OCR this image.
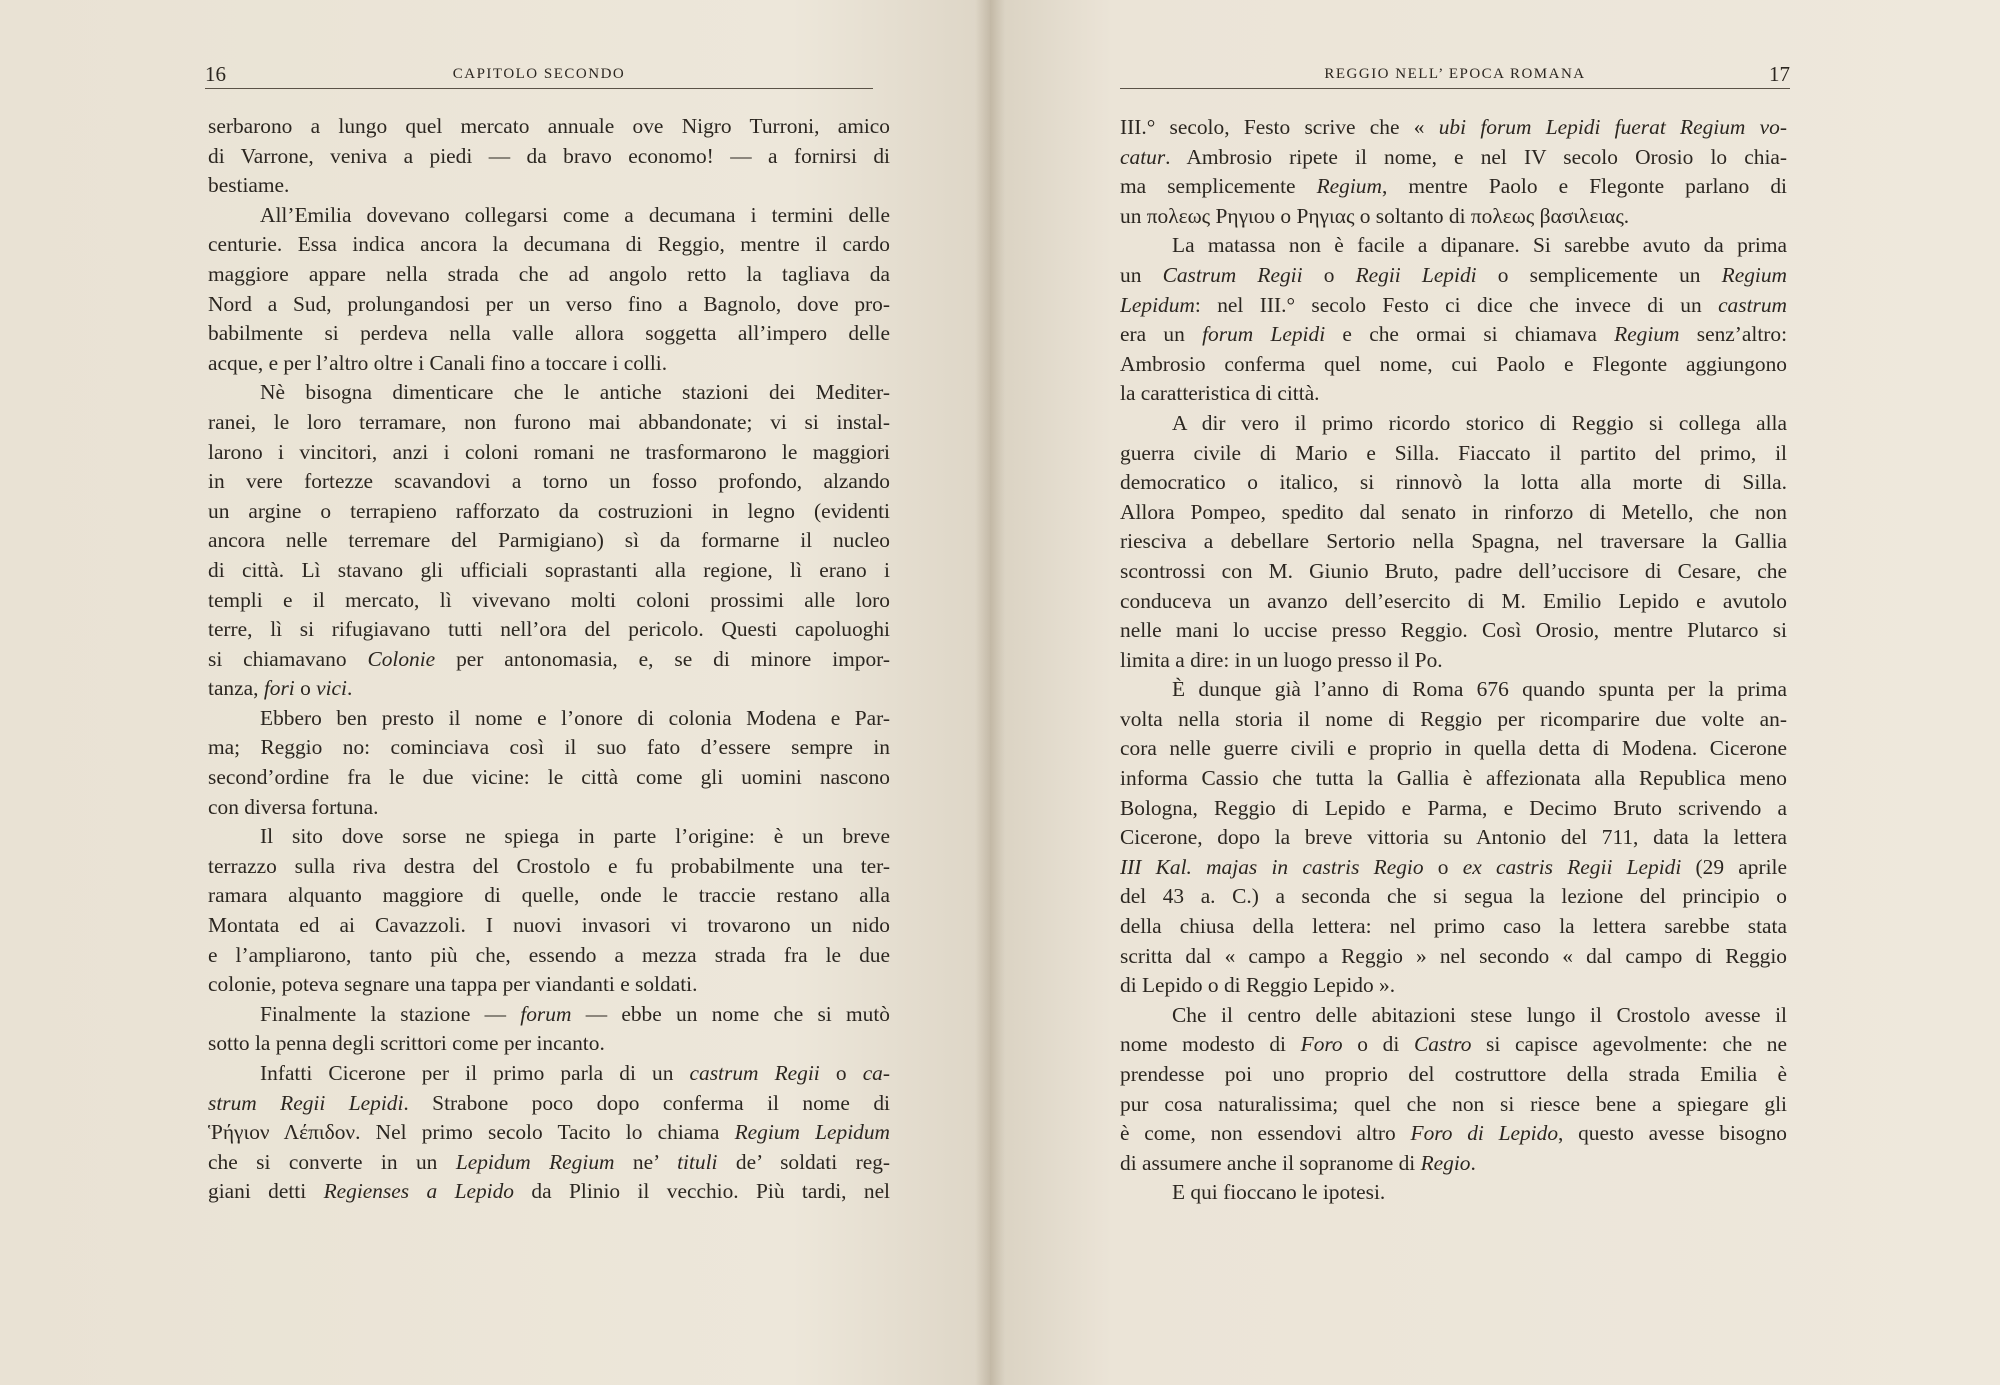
16	CAPITOLO SECONDO
serbarono a lungo quel mercato annuale ove Nigro Turroni, amico
di Varrone, veniva a piedi — da bravo economo! — a fornirsi di
bestiame.
All’Emilia dovevano collegarsi come a decumana i termini delle
centurie. Essa indica ancora la decumana di Reggio, mentre il cardo
maggiore appare nella strada che ad angolo retto la tagliava da
Nord a Sud, prolungandosi per un verso fino a Bagnolo, dove pro-
babilmente si perdeva nella valle allora soggetta all’impero delle
acque, e per l’altro oltre i Canali fino a toccare i colli.
Nè bisogna dimenticare che le antiche stazioni dei Mediter-
ranei, le loro terramare, non furono mai abbandonate; vi si instal-
larono i vincitori, anzi i coloni romani ne trasformarono le maggiori
in vere fortezze scavandovi a torno un fosso profondo, alzando
un argine o terrapieno rafforzato da costruzioni in legno (evidenti
ancora nelle terremare del Parmigiano) sì da formarne il nucleo
di città. Lì stavano gli ufficiali soprastanti alla regione, lì erano i
templi e il mercato, lì vivevano molti coloni prossimi alle loro
terre, lì si rifugiavano tutti nell’ora del pericolo. Questi capoluoghi
si chiamavano Colonie per antonomasia, e, se di minore impor-
tanza, fori o vici.
Ebbero ben presto il nome e l’onore di colonia Modena e Par-
ma; Reggio no: cominciava così il suo fato d’essere sempre in
second’ordine fra le due vicine: le città come gli uomini nascono
con diversa fortuna.
Il sito dove sorse ne spiega in parte l’origine: è un breve
terrazzo sulla riva destra del Crostolo e fu probabilmente una ter-
ramara alquanto maggiore di quelle, onde le traccie restano alla
Montata ed ai Cavazzoli. I nuovi invasori vi trovarono un nido
e l’ampliarono, tanto più che, essendo a mezza strada fra le due
colonie, poteva segnare una tappa per viandanti e soldati.
Finalmente la stazione — forum — ebbe un nome che si mutò
sotto la penna degli scrittori come per incanto.
Infatti Cicerone per il primo parla di un castrum Regii o ca-
strum Regii Lepidi. Strabone poco dopo conferma il nome di
Ῥήγιον Λέπιδον. Nel primo secolo Tacito lo chiama Regium Lepidum
che si converte in un Lepidum Regium ne’ tituli de’ soldati reg-
giani detti Regienses a Lepido da Plinio il vecchio. Più tardi, nel
REGGIO NELL’ EPOCA ROMANA	17
III.° secolo, Festo scrive che « ubi forum Lepidi fuerat Regium vo-
catur. Ambrosio ripete il nome, e nel IV secolo Orosio lo chia-
ma semplicemente Regium, mentre Paolo e Flegonte parlano di
un πολεως Ρηγιου o Ρηγιας o soltanto di πολεως βασιλειας.
La matassa non è facile a dipanare. Si sarebbe avuto da prima
un Castrum Regii o Regii Lepidi o semplicemente un Regium
Lepidum: nel III.° secolo Festo ci dice che invece di un castrum
era un forum Lepidi e che ormai si chiamava Regium senz’altro:
Ambrosio conferma quel nome, cui Paolo e Flegonte aggiungono
la caratteristica di città.
A dir vero il primo ricordo storico di Reggio si collega alla
guerra civile di Mario e Silla. Fiaccato il partito del primo, il
democratico o italico, si rinnovò la lotta alla morte di Silla.
Allora Pompeo, spedito dal senato in rinforzo di Metello, che non
riesciva a debellare Sertorio nella Spagna, nel traversare la Gallia
scontrossi con M. Giunio Bruto, padre dell’uccisore di Cesare, che
conduceva un avanzo dell’esercito di M. Emilio Lepido e avutolo
nelle mani lo uccise presso Reggio. Così Orosio, mentre Plutarco si
limita a dire: in un luogo presso il Po.
È dunque già l’anno di Roma 676 quando spunta per la prima
volta nella storia il nome di Reggio per ricomparire due volte an-
cora nelle guerre civili e proprio in quella detta di Modena. Cicerone
informa Cassio che tutta la Gallia è affezionata alla Republica meno
Bologna, Reggio di Lepido e Parma, e Decimo Bruto scrivendo a
Cicerone, dopo la breve vittoria su Antonio del 711, data la lettera
III Kal. majas in castris Regio o ex castris Regii Lepidi (29 aprile
del 43 a. C.) a seconda che si segua la lezione del principio o
della chiusa della lettera: nel primo caso la lettera sarebbe stata
scritta dal « campo a Reggio » nel secondo « dal campo di Reggio
di Lepido o di Reggio Lepido ».
Che il centro delle abitazioni stese lungo il Crostolo avesse il
nome modesto di Foro o di Castro si capisce agevolmente: che ne
prendesse poi uno proprio del costruttore della strada Emilia è
pur cosa naturalissima; quel che non si riesce bene a spiegare gli
è come, non essendovi altro Foro di Lepido, questo avesse bisogno
di assumere anche il sopranome di Regio.
E qui fioccano le ipotesi.
